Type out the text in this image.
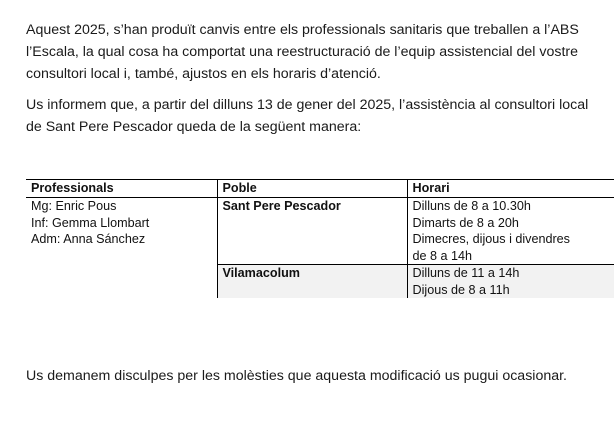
Aquest 2025, s’han produït canvis entre els professionals sanitaris que treballen a l’ABS
l’Escala, la qual cosa ha comportat una reestructuració de l’equip assistencial del vostre
consultori local i, també, ajustos en els horaris d’atenció.

Us informem que, a partir del dilluns 13 de gener del 2025, l’assistència al consultori local
de Sant Pere Pescador queda de la següent manera:

Professionals	Poble	Horari

Mg: Enric Pous
Inf: Gemma Llombart
Adm: Anna Sánchez	Sant Pere Pescador	Dilluns de 8 a 10.30h
Dimarts de 8 a 20h
Dimecres, dijous i divendres
de 8 a 14h

	Vilamacolum	Dilluns de 11 a 14h
Dijous de 8 a 11h

Us demanem disculpes per les molèsties que aquesta modificació us pugui ocasionar.
